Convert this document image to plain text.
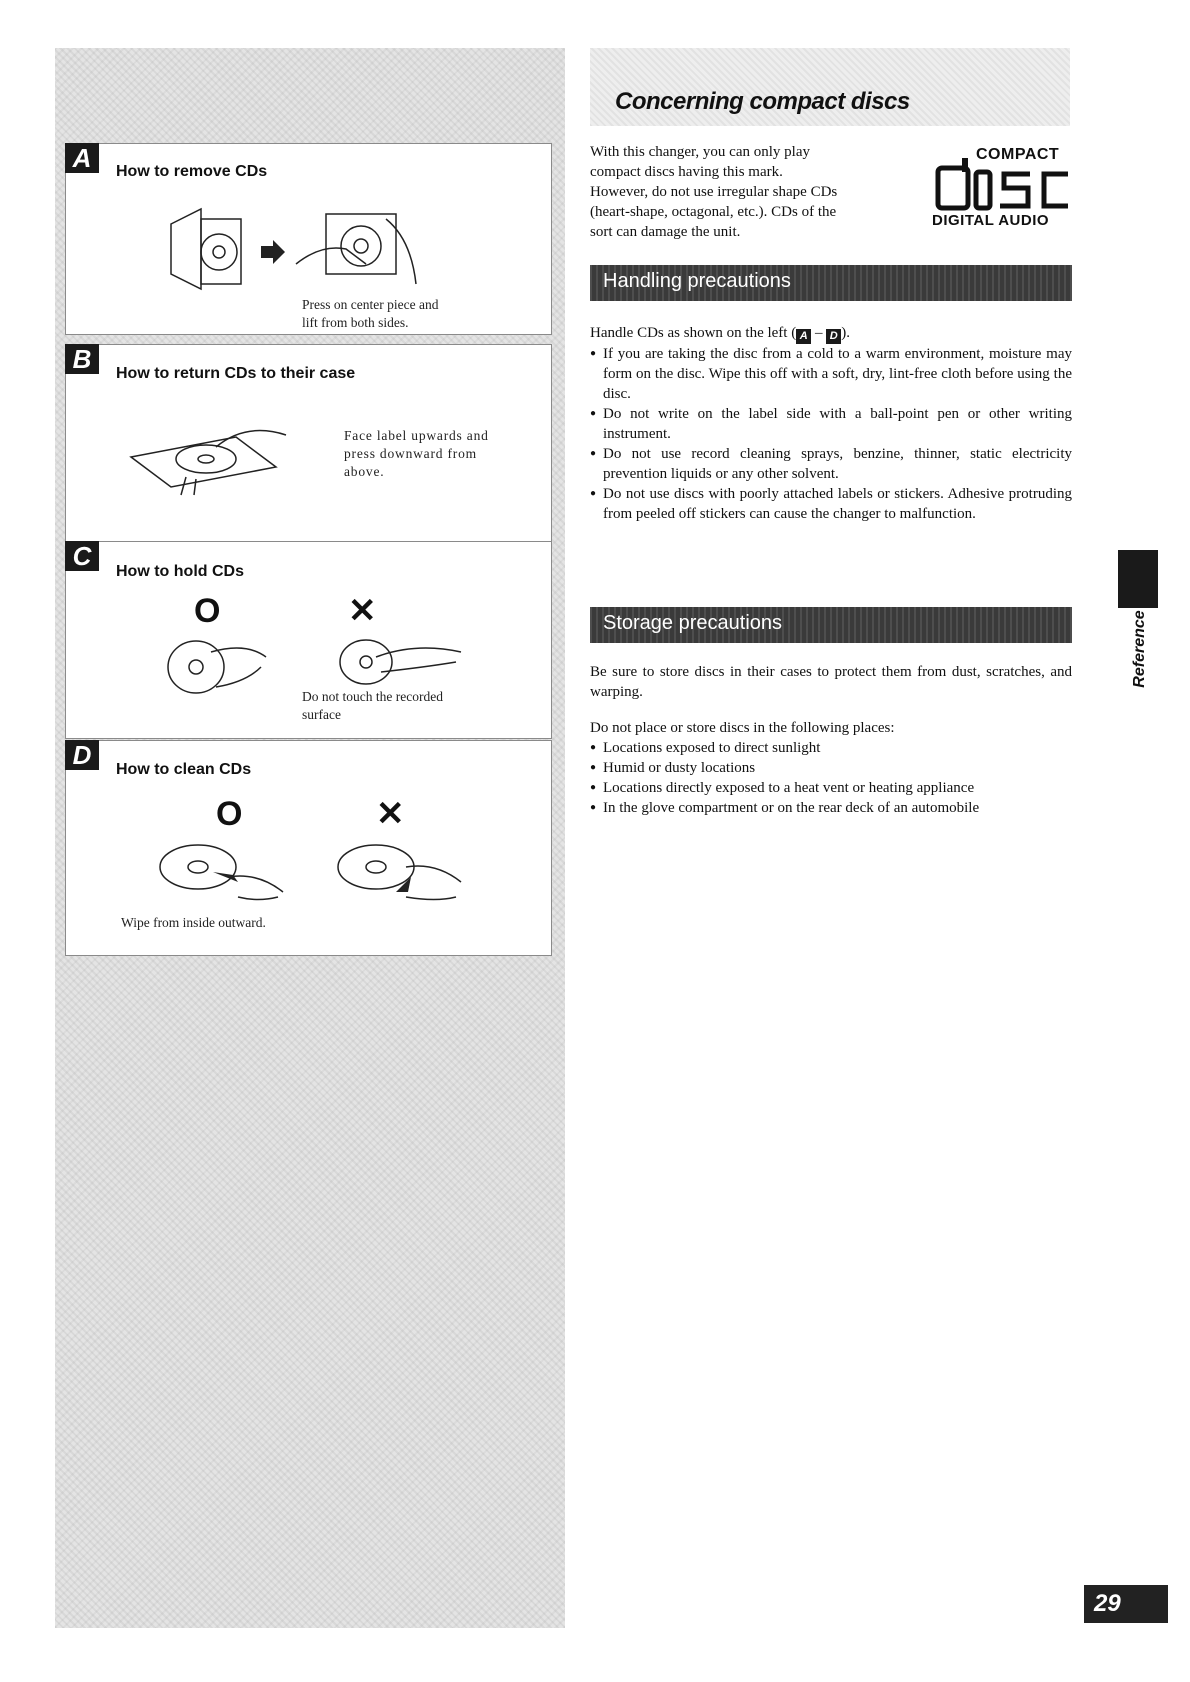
How to remove CDs
Press on center piece and
lift from both sides.
A
How to return CDs to their case
Face label upwards and
press downward from
above.
B
How to hold CDs
O	✕
Do not touch the recorded
surface
C
How to clean CDs
O	✕
Wipe from inside outward.
D
Concerning compact discs
With this changer, you can only play
compact discs having this mark.
However, do not use irregular shape CDs
(heart-shape, octagonal, etc.). CDs of the
sort can damage the unit.
COMPACT
DIGITAL AUDIO
Handling precautions

Handle CDs as shown on the left ( A – D ).

● If you are taking the disc from a cold to a warm environment, moisture may form on the disc. Wipe this off with a soft, dry, lint-free cloth before using the disc.
● Do not write on the label side with a ball-point pen or other writing instrument.
● Do not use record cleaning sprays, benzine, thinner, static electricity prevention liquids or any other solvent.
● Do not use discs with poorly attached labels or stickers. Adhesive protruding from peeled off stickers can cause the changer to malfunction.
Storage precautions

Be sure to store discs in their cases to protect them from dust, scratches, and warping.

Do not place or store discs in the following places:

● Locations exposed to direct sunlight
● Humid or dusty locations
● Locations directly exposed to a heat vent or heating appliance
● In the glove compartment or on the rear deck of an automobile
Reference
29
